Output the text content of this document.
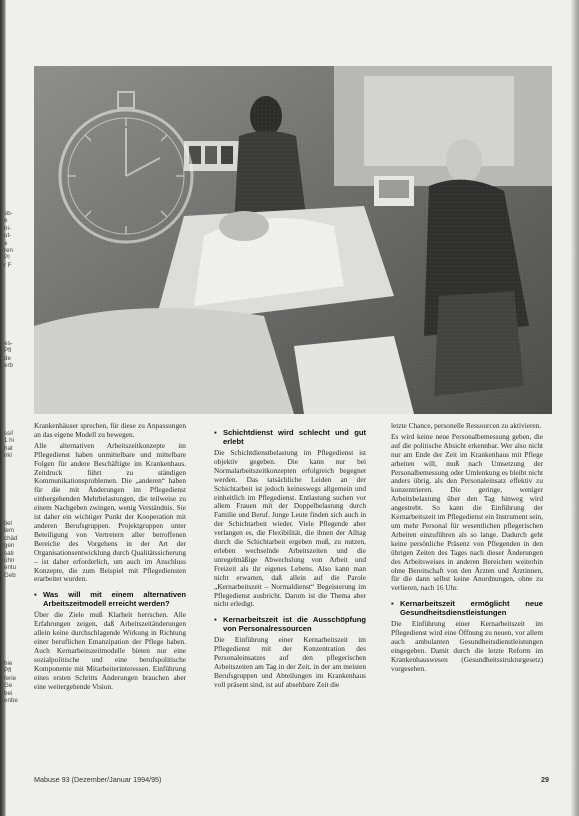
sb-
e
ni-
ut-
e
ren
P!
r F
es-
Pfl
de
erb
ssi!
1 hi
hat
irkl
tiel
lem
chäd
gen
sati
ühn
entu
Geb
hie
Pfl
ferie
Ge
bei
enbe

Krankenhäuser sprechen, für diese zu Anpassungen an das eigene Modell zu bewegen.

Alle alternativen Arbeitszeitkonzepte im Pflegedienst haben unmittelbare und mittelbare Folgen für andere Beschäftigte im Krankenhaus. Zeitdruck führt zu ständigen Kommunikationsproblemen. Die „anderen“ haben für die mit Änderungen im Pflegedienst einhergehenden Mehrbelastungen, die teilweise zu einem Nachgeben zwingen, wenig Verständnis. Sie ist daher ein wichtiger Punkt der Kooperation mit anderen Berufsgruppen. Projektgruppen unter Beteiligung von Vertretern aller betroffenen Bereiche des Vorgehens in der Art der Organisationsentwicklung durch Qualitätssicherung – ist daher erforderlich, um auch im Anschluss Konzepte, die zum Beispiel mit Pflegediensten erarbeitet wurden.

▪ Was will mit einem alternativen Arbeitszeitmodell erreicht werden?

Über die Ziele muß Klarheit herrschen. Alle Erfahrungen zeigen, daß Arbeitszeitänderungen allein keine durchschlagende Wirkung in Richtung einer beruflichen Emanzipation der Pflege haben. Auch Kernarbeitszeitmodelle bieten nur eine sozialpolitische und eine berufspolitische Komponente mit Mitarbeiterinteressen. Einführung eines ersten Schritts Änderungen brauchen aber eine weitergehende Vision.

▪ Schichtdienst wird schlecht und gut erlebt

Die Schichtdienstbelastung im Pflegedienst ist objektiv gegeben. Die kann nur bei Normalarbeitszeitkonzepten erfolgreich begegnet werden. Das tatsächliche Leiden an der Schichtarbeit ist jedoch keineswegs allgemein und einheitlich im Pflegedienst. Entlastung suchen vor allem Frauen mit der Doppelbelastung durch Familie und Beruf. Junge Leute finden sich auch in der Schichtarbeit wieder. Viele Pflegende aber verlangen es, die Flexibilität, die ihnen der Alltag durch die Schichtarbeit ergeben muß, zu nutzen, erleben wechselnde Arbeitszeiten und die unregelmäßige Abwechslung von Arbeit und Freizeit als ihr eigenes Lebens. Also kann man nicht erwarten, daß allein auf die Parole „Kernarbeitszeit – Normaldienst“ Begeisterung im Pflegedienst ausbricht. Darum ist die Thema aber nicht erledigt.

▪ Kernarbeitszeit ist die Ausschöpfung von Personalressourcen

Die Einführung einer Kernarbeitszeit im Pflegedienst mit der Konzentration des Personaleinsatzes auf den pflegerischen Arbeitszeiten am Tag in der Zeit, in der am meisten Berufsgruppen und Abteilungen im Krankenhaus voll präsent sind, ist auf absehbare Zeit die

letzte Chance, personelle Ressourcen zu aktivieren.

Es wird keine neue Personalbemessung geben, die auf die politische Absicht erkennbar. Wer also nicht nur am Ende der Zeit im Krankenhaus mit Pflege arbeiten will, muß nach Umsetzung der Personalbemessung oder Umlenkung es bleibt nicht anders übrig, als den Personaleinsatz effektiv zu konzentrieren. Die geringe, weniger Arbeitsbelastung über den Tag hinweg wird angestrebt. So kann die Einführung der Kernarbeitszeit im Pflegedienst ein Instrument sein, um mehr Personal für wesentlichen pflegerischen Arbeiten einzuführen als so lange. Dadurch geht keine persönliche Präsenz von Pflegenden in den übrigen Zeiten des Tages nach dieser Änderungen des Arbeitsweises in anderen Bereichen weiterhin ohne Bereitschaft von den Ärzten und Ärztinnen, für die dann selbst keine Anordnungen, ohne zu verlieren, nach 16 Uhr.

▪ Kernarbeitszeit ermöglicht neue Gesundheitsdienstleistungen

Die Einführung einer Kernarbeitszeit im Pflegedienst wird eine Öffnung zu neuen, vor allem auch ambulanten Gesundheitsdienstleistungen eingegeben. Damit durch die letzte Reform im Krankenhauswesen (Gesundheitsstrukturgesetz) vorgesehen.

Mabuse 93 (Dezember/Januar 1994/95)	29
